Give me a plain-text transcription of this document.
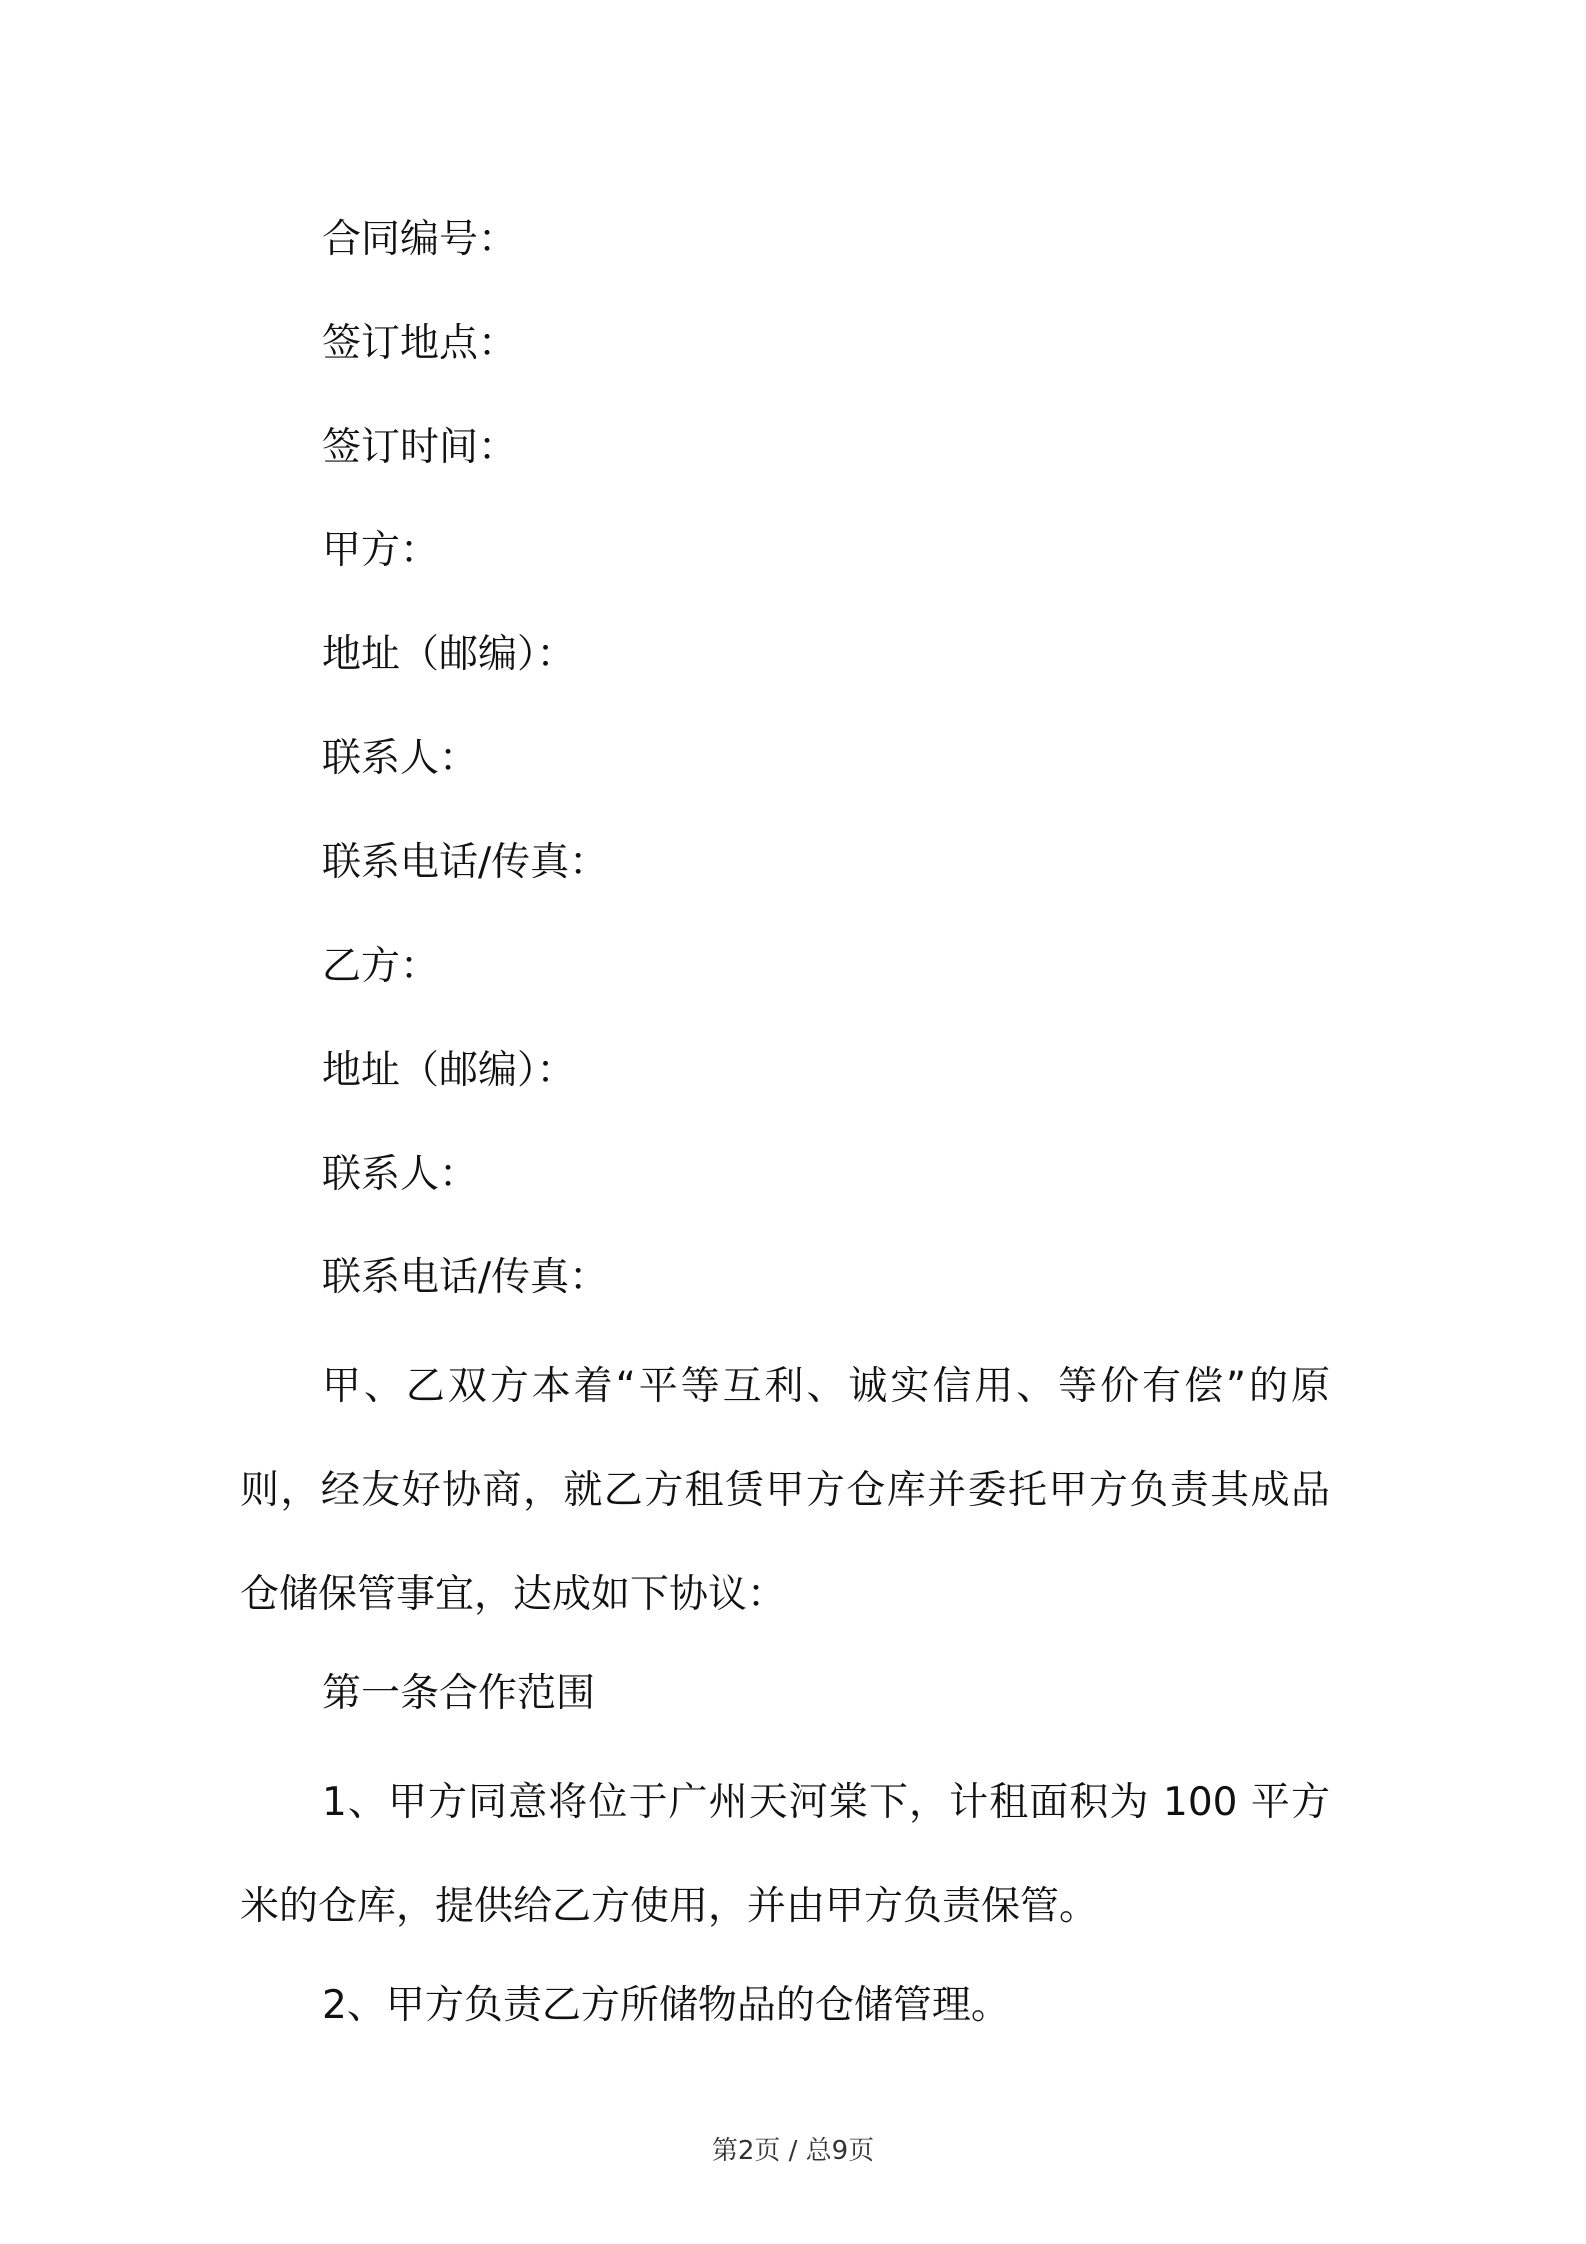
合同编号：
签订地点：
签订时间：
甲方：
地址（邮编）：
联系人：
联系电话/传真：
乙方：
地址（邮编）：
联系人：
联系电话/传真：
甲、乙双方本着“平等互利、诚实信用、等价有偿”的原则，经友好协商，就乙方租赁甲方仓库并委托甲方负责其成品仓储保管事宜，达成如下协议：
第一条合作范围
1、甲方同意将位于广州天河棠下，计租面积为 100 平方米的仓库，提供给乙方使用，并由甲方负责保管。
2、甲方负责乙方所储物品的仓储管理。
第2页 / 总9页
